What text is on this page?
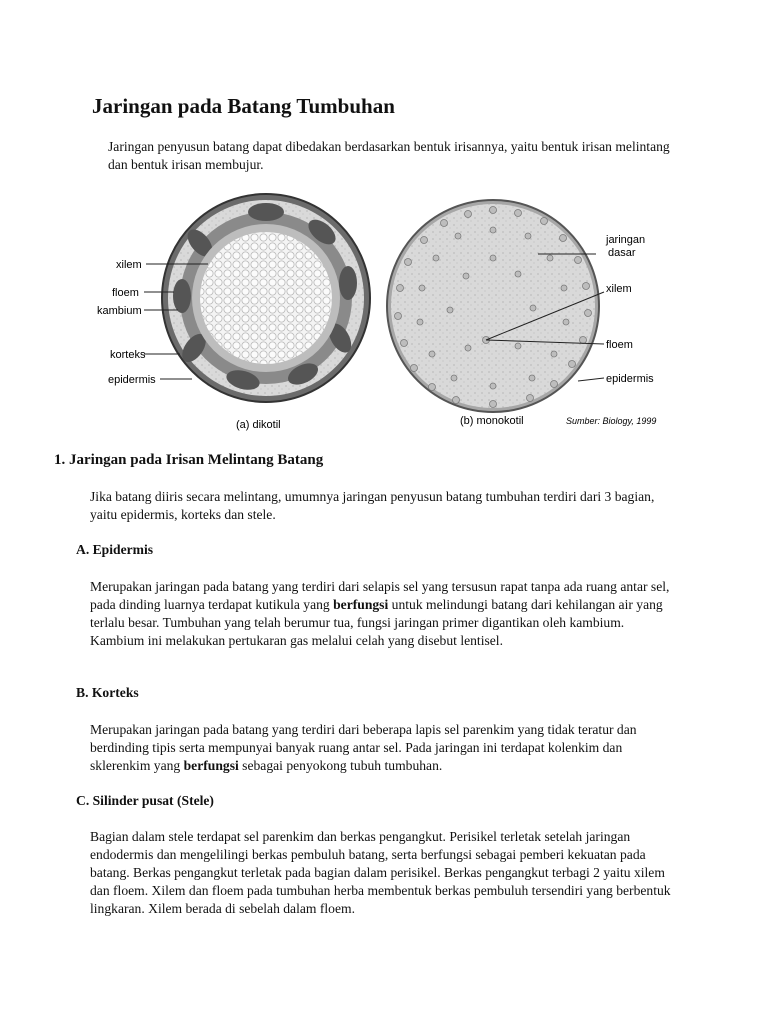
Jaringan pada Batang Tumbuhan
Jaringan penyusun batang dapat dibedakan berdasarkan bentuk irisannya, yaitu bentuk irisan melintang dan bentuk irisan membujur.
xilem
floem
kambium
korteks
epidermis
(a) dikotil
jaringan dasar
xilem
floem
epidermis
(b) monokotil	Sumber: Biology, 1999
1. Jaringan pada Irisan Melintang Batang
Jika batang diiris secara melintang, umumnya jaringan penyusun batang tumbuhan terdiri dari 3 bagian, yaitu epidermis, korteks dan stele.
A. Epidermis
Merupakan jaringan pada batang yang terdiri dari selapis sel yang tersusun rapat tanpa ada ruang antar sel, pada dinding luarnya terdapat kutikula yang berfungsi untuk melindungi batang dari kehilangan air yang terlalu besar. Tumbuhan yang telah berumur tua, fungsi jaringan primer digantikan oleh kambium. Kambium ini melakukan pertukaran gas melalui celah yang disebut lentisel.
B. Korteks
Merupakan jaringan pada batang yang terdiri dari beberapa lapis sel parenkim yang tidak teratur dan berdinding tipis serta mempunyai banyak ruang antar sel. Pada jaringan ini terdapat kolenkim dan sklerenkim yang berfungsi sebagai penyokong tubuh tumbuhan.
C. Silinder pusat (Stele)
Bagian dalam stele terdapat sel parenkim dan berkas pengangkut. Perisikel terletak setelah jaringan endodermis dan mengelilingi berkas pembuluh batang, serta berfungsi sebagai pemberi kekuatan pada batang. Berkas pengangkut terletak pada bagian dalam perisikel. Berkas pengangkut terbagi 2 yaitu xilem dan floem. Xilem dan floem pada tumbuhan herba membentuk berkas pembuluh tersendiri yang berbentuk lingkaran. Xilem berada di sebelah dalam floem.
